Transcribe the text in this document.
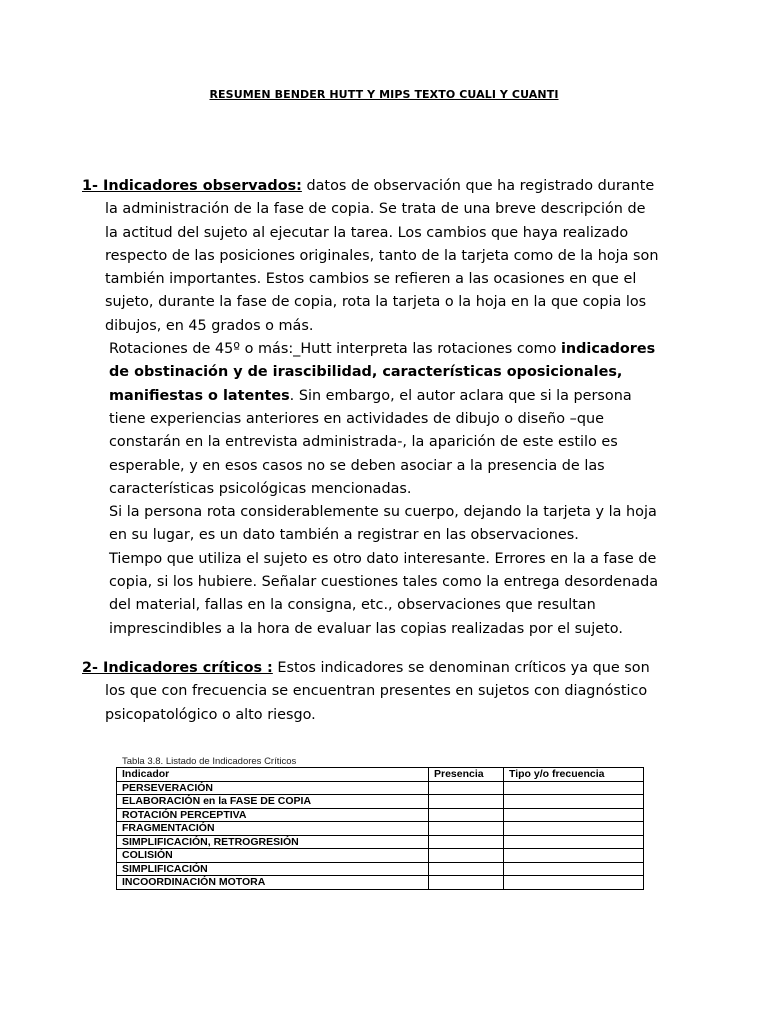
RESUMEN BENDER HUTT Y MIPS TEXTO CUALI Y CUANTI

1- Indicadores observados: datos de observación que ha registrado durante la administración de la fase de copia. Se trata de una breve descripción de la actitud del sujeto al ejecutar la tarea. Los cambios que haya realizado respecto de las posiciones originales, tanto de la tarjeta como de la hoja son también importantes. Estos cambios se refieren a las ocasiones en que el sujeto, durante la fase de copia, rota la tarjeta o la hoja en la que copia los dibujos, en 45 grados o más.

Rotaciones de 45º o más:_Hutt interpreta las rotaciones como indicadores de obstinación y de irascibilidad, características oposicionales, manifiestas o latentes. Sin embargo, el autor aclara que si la persona tiene experiencias anteriores en actividades de dibujo o diseño –que constarán en la entrevista administrada-, la aparición de este estilo es esperable, y en esos casos no se deben asociar a la presencia de las características psicológicas mencionadas.

Si la persona rota considerablemente su cuerpo, dejando la tarjeta y la hoja en su lugar, es un dato también a registrar en las observaciones.

Tiempo que utiliza el sujeto es otro dato interesante. Errores en la a fase de copia, si los hubiere. Señalar cuestiones tales como la entrega desordenada del material, fallas en la consigna, etc., observaciones que resultan imprescindibles a la hora de evaluar las copias realizadas por el sujeto.

2- Indicadores críticos : Estos indicadores se denominan críticos ya que son los que con frecuencia se encuentran presentes en sujetos con diagnóstico psicopatológico o alto riesgo.

Tabla 3.8. Listado de Indicadores Críticos
Indicador	Presencia	Tipo y/o frecuencia
PERSEVERACIÓN		
ELABORACIÓN en la FASE DE COPIA		
ROTACIÓN PERCEPTIVA		
FRAGMENTACIÓN		
SIMPLIFICACIÓN, RETROGRESIÓN		
COLISIÓN		
SIMPLIFICACIÓN		
INCOORDINACIÓN MOTORA		
